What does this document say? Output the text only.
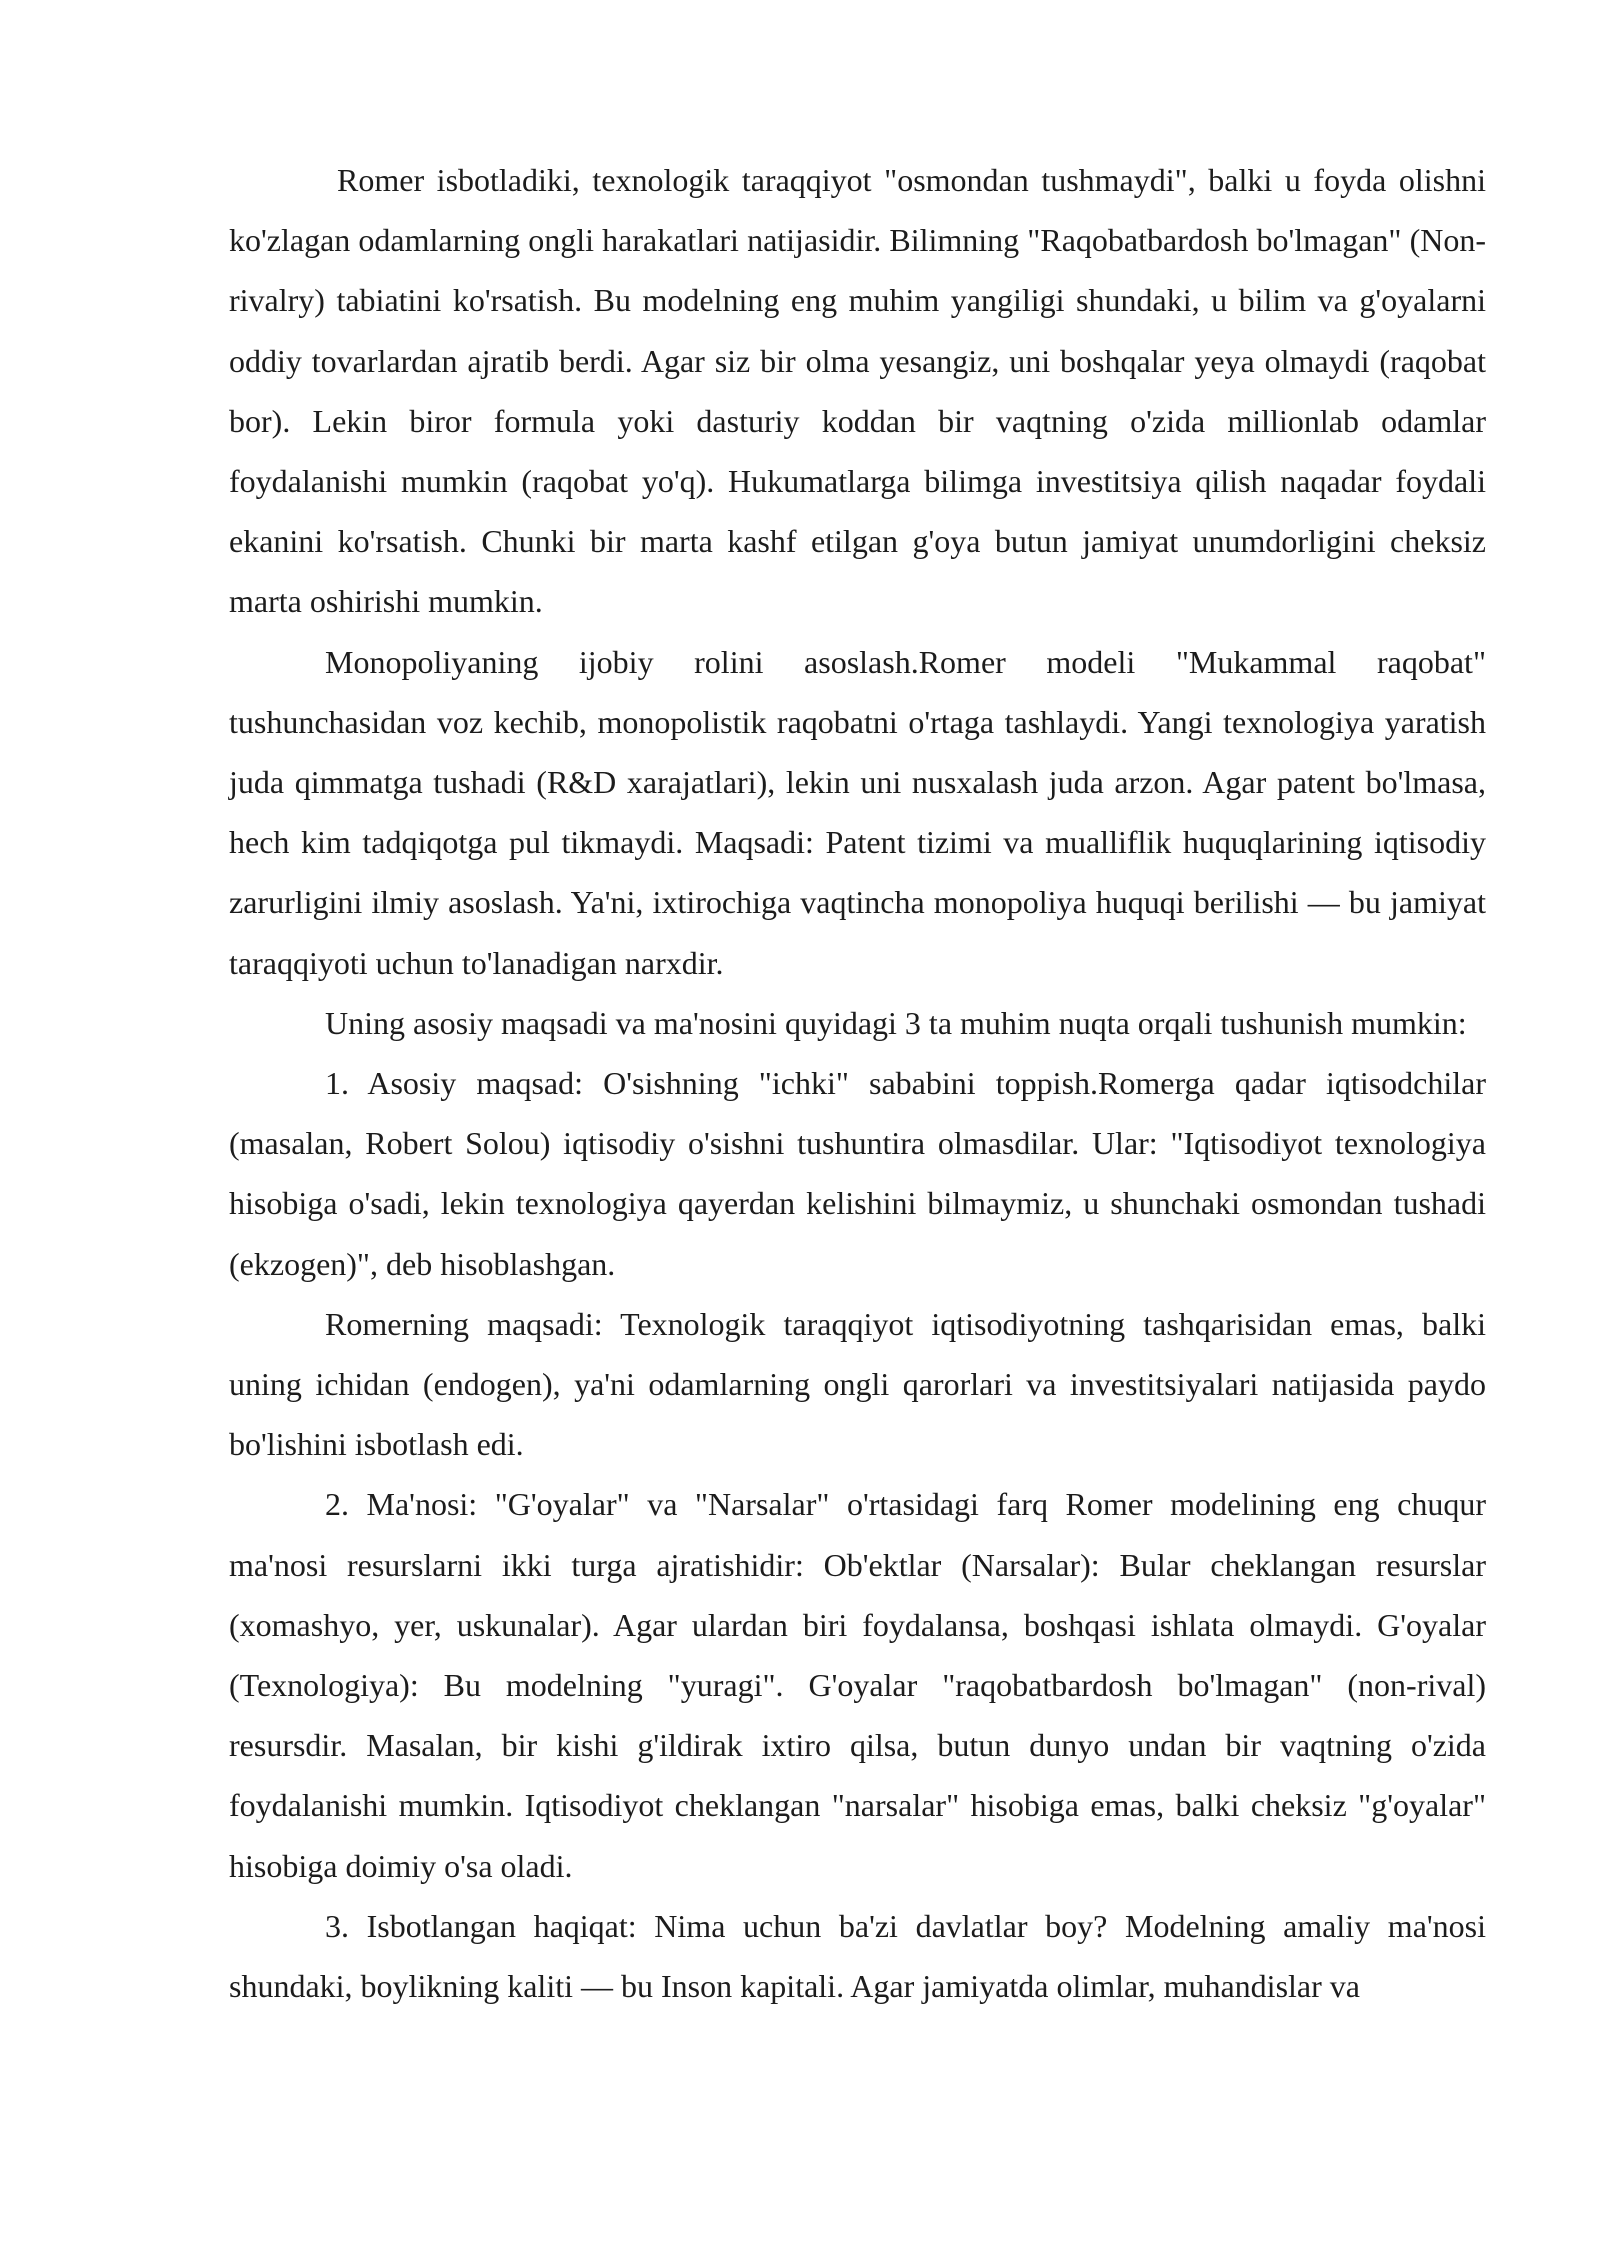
Romer isbotladiki, texnologik taraqqiyot "osmondan tushmaydi", balki u foyda olishni ko'zlagan odamlarning ongli harakatlari natijasidir. Bilimning "Raqobatbardosh bo'lmagan" (Non-rivalry) tabiatini ko'rsatish. Bu modelning eng muhim yangiligi shundaki, u bilim va g'oyalarni oddiy tovarlardan ajratib berdi. Agar siz bir olma yesangiz, uni boshqalar yeya olmaydi (raqobat bor). Lekin biror formula yoki dasturiy koddan bir vaqtning o'zida millionlab odamlar foydalanishi mumkin (raqobat yo'q). Hukumatlarga bilimga investitsiya qilish naqadar foydali ekanini ko'rsatish. Chunki bir marta kashf etilgan g'oya butun jamiyat unumdorligini cheksiz marta oshirishi mumkin.

Monopoliyaning ijobiy rolini asoslash.Romer modeli "Mukammal raqobat" tushunchasidan voz kechib, monopolistik raqobatni o'rtaga tashlaydi. Yangi texnologiya yaratish juda qimmatga tushadi (R&D xarajatlari), lekin uni nusxalash juda arzon. Agar patent bo'lmasa, hech kim tadqiqotga pul tikmaydi. Maqsadi: Patent tizimi va mualliflik huquqlarining iqtisodiy zarurligini ilmiy asoslash. Ya'ni, ixtirochiga vaqtincha monopoliya huquqi berilishi — bu jamiyat taraqqiyoti uchun to'lanadigan narxdir.

Uning asosiy maqsadi va ma'nosini quyidagi 3 ta muhim nuqta orqali tushunish mumkin:

1. Asosiy maqsad: O'sishning "ichki" sababini toppish.Romerga qadar iqtisodchilar (masalan, Robert Solou) iqtisodiy o'sishni tushuntira olmasdilar. Ular: "Iqtisodiyot texnologiya hisobiga o'sadi, lekin texnologiya qayerdan kelishini bilmaymiz, u shunchaki osmondan tushadi (ekzogen)", deb hisoblashgan.

Romerning maqsadi: Texnologik taraqqiyot iqtisodiyotning tashqarisidan emas, balki uning ichidan (endogen), ya'ni odamlarning ongli qarorlari va investitsiyalari natijasida paydo bo'lishini isbotlash edi.

2. Ma'nosi: "G'oyalar" va "Narsalar" o'rtasidagi farq Romer modelining eng chuqur ma'nosi resurslarni ikki turga ajratishidir: Ob'ektlar (Narsalar): Bular cheklangan resurslar (xomashyo, yer, uskunalar). Agar ulardan biri foydalansa, boshqasi ishlata olmaydi. G'oyalar (Texnologiya): Bu modelning "yuragi". G'oyalar "raqobatbardosh bo'lmagan" (non-rival) resursdir. Masalan, bir kishi g'ildirak ixtiro qilsa, butun dunyo undan bir vaqtning o'zida foydalanishi mumkin. Iqtisodiyot cheklangan "narsalar" hisobiga emas, balki cheksiz "g'oyalar" hisobiga doimiy o'sa oladi.

3. Isbotlangan haqiqat: Nima uchun ba'zi davlatlar boy? Modelning amaliy ma'nosi shundaki, boylikning kaliti — bu Inson kapitali. Agar jamiyatda olimlar, muhandislar va
